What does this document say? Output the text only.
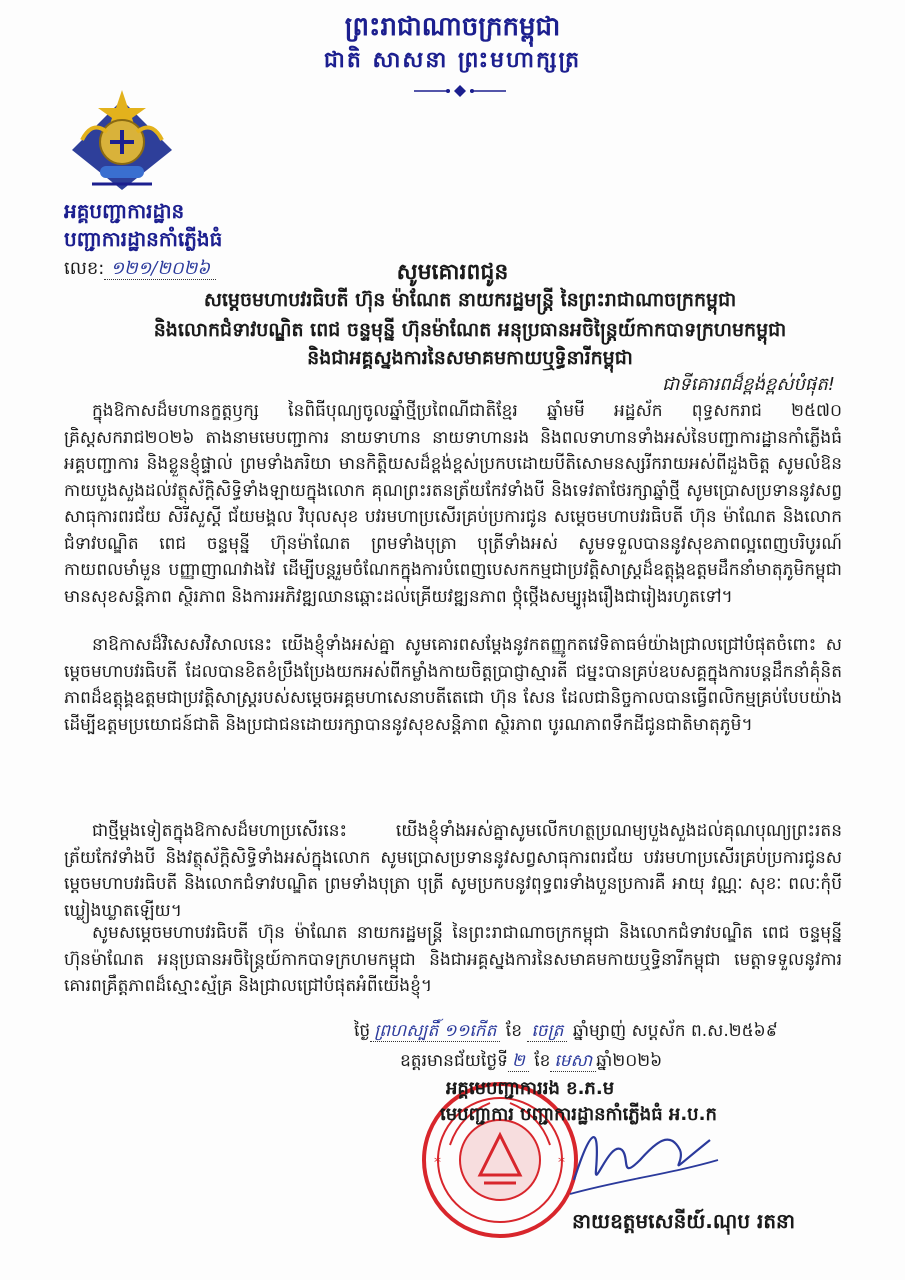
ព្រះរាជាណាចក្រកម្ពុជា
ជាតិ សាសនា ព្រះមហាក្សត្រ
អគ្គបញ្ជាការដ្ឋាន
បញ្ជាការដ្ឋានកាំភ្លើងធំ
លេខ: ១២១/២០២៦	សូមគោរពជូន
សម្តេចមហាបវរធិបតី ហ៊ុន ម៉ាណែត នាយករដ្ឋមន្ត្រី នៃព្រះរាជាណាចក្រកម្ពុជា
និងលោកជំទាវបណ្ឌិត ពេជ ចន្ទមុន្នី ហ៊ុនម៉ាណែត អនុប្រធានអចិន្ត្រៃយ៍កាកបាទក្រហមកម្ពុជា
និងជាអគ្គស្នងការនៃសមាគមកាយឬទ្ធិនារីកម្ពុជា
ជាទីគោរពដ៏ខ្ពង់ខ្ពស់បំផុត!
ក្នុងឱកាសដ៏មហានក្ខត្តឫក្ស នៃពិធីបុណ្យចូលឆ្នាំថ្មីប្រពៃណីជាតិខ្មែរ ឆ្នាំមមី អដ្ឋស័ក ពុទ្ធសករាជ ២៥៧០ គ្រិស្តសករាជ២០២៦ តាងនាមមេបញ្ជាការ នាយទាហាន នាយទាហានរង និងពលទាហានទាំងអស់នៃបញ្ជាការដ្ឋានកាំភ្លើងធំ អគ្គបញ្ជាការ និងខ្លួនខ្ញុំផ្ទាល់ ព្រមទាំងភរិយា មានកិត្តិយសដ៏ខ្ពង់ខ្ពស់ប្រកបដោយបីតិសោមនស្សរីករាយអស់ពីដួងចិត្ត សូមលំឱនកាយបួងសួងដល់វត្ថុស័ក្តិសិទ្ធិទាំងឡាយក្នុងលោក គុណព្រះរតនត្រ័យកែវទាំងបី និងទេវតាថែរក្សាឆ្នាំថ្មី សូមប្រោសប្រទាននូវសព្វសាធុការពរជ័យ សិរីសួស្តី ជ័យមង្គល វិបុលសុខ បវរមហាប្រសើរគ្រប់ប្រការជូន សម្តេចមហាបវរធិបតី ហ៊ុន ម៉ាណែត និងលោកជំទាវបណ្ឌិត ពេជ ចន្ទមុន្នី ហ៊ុនម៉ាណែត ព្រមទាំងបុត្រា បុត្រីទាំងអស់ សូមទទួលបាននូវសុខភាពល្អពេញបរិបូរណ៍ កាយពលមាំមួន បញ្ញាញាណវាងវៃ ដើម្បីបន្តរួមចំណែកក្នុងការបំពេញបេសកកម្មជាប្រវត្តិសាស្ត្រដ៏ឧត្តុង្គឧត្តមដឹកនាំមាតុភូមិកម្ពុជាមានសុខសន្តិភាព ស្ថិរភាព និងការអភិវឌ្ឍឈានឆ្ពោះដល់គ្រើយវឌ្ឍនភាព ថ្កុំថ្កើងសម្បូរុងរឿងជារៀងរហូតទៅ។
នាឱកាសដ៏វិសេសវិសាលនេះ យើងខ្ញុំទាំងអស់គ្នា សូមគោរពសម្តែងនូវកតញ្ញូកតវេទិតាធម៌យ៉ាងជ្រាលជ្រៅបំផុតចំពោះ សម្តេចមហាបវរធិបតី ដែលបានខិតខំប្រឹងប្រែងយកអស់ពីកម្លាំងកាយចិត្តប្រាជ្ញាស្មារតី ជម្នះបានគ្រប់ឧបសគ្គក្នុងការបន្តដឹកនាំគុំនិតភាពដ៏ឧត្តុង្គឧត្តមជាប្រវត្តិសាស្ត្ររបស់សម្តេចអគ្គមហាសេនាបតីតេជោ ហ៊ុន សែន ដែលជានិច្ចកាលបានធ្វើពលិកម្មគ្រប់បែបយ៉ាង ដើម្បីឧត្តមប្រយោជន៍ជាតិ និងប្រជាជនដោយរក្សាបាននូវសុខសន្តិភាព ស្ថិរភាព បូរណភាពទឹកដីជូនជាតិមាតុភូមិ។
ជាថ្មីម្តងទៀតក្នុងឱកាសដ៏មហាប្រសើរនេះ យើងខ្ញុំទាំងអស់គ្នាសូមលើកហត្ថប្រណម្យបួងសួងដល់គុណបុណ្យព្រះរតនត្រ័យកែវទាំងបី និងវត្ថុស័ក្តិសិទ្ធិទាំងអស់ក្នុងលោក សូមប្រោសប្រទាននូវសព្វសាធុការពរជ័យ បវរមហាប្រសើរគ្រប់ប្រការជូនសម្តេចមហាបវរធិបតី និងលោកជំទាវបណ្ឌិត ព្រមទាំងបុត្រា បុត្រី សូមប្រកបនូវពុទ្ធពរទាំងបួនប្រការគឺ អាយុ វណ្ណៈ សុខៈ ពលៈកុំបីឃ្លៀងឃ្លាតឡើយ។
សូមសម្តេចមហាបវរធិបតី ហ៊ុន ម៉ាណែត នាយករដ្ឋមន្ត្រី នៃព្រះរាជាណាចក្រកម្ពុជា និងលោកជំទាវបណ្ឌិត ពេជ ចន្ទមុន្នី ហ៊ុនម៉ាណែត អនុប្រធានអចិន្ត្រៃយ៍កាកបាទក្រហមកម្ពុជា និងជាអគ្គស្នងការនៃសមាគមកាយឬទ្ធិនារីកម្ពុជា មេត្តាទទួលនូវការគោរពគ្រឹត្តភាពដ៏ស្មោះស្ម័គ្រ និងជ្រាលជ្រៅបំផុតអំពីយើងខ្ញុំ។
ថ្ងៃ ព្រហស្បតិ៍ ១១កើត ខែ ចេត្រ ឆ្នាំម្សាញ់ សប្តស័ក ព.ស.២៥៦៩
ឧត្តរមានជ័យថ្ងៃទី ២ ខែ មេសា ឆ្នាំ២០២៦
*	*
អគ្គមេបញ្ជាការរង ខ.ភ.ម
មេបញ្ជាការ បញ្ជាការដ្ឋានកាំភ្លើងធំ អ.ប.ក
នាយឧត្តមសេនីយ៍.ណុប រតនា
